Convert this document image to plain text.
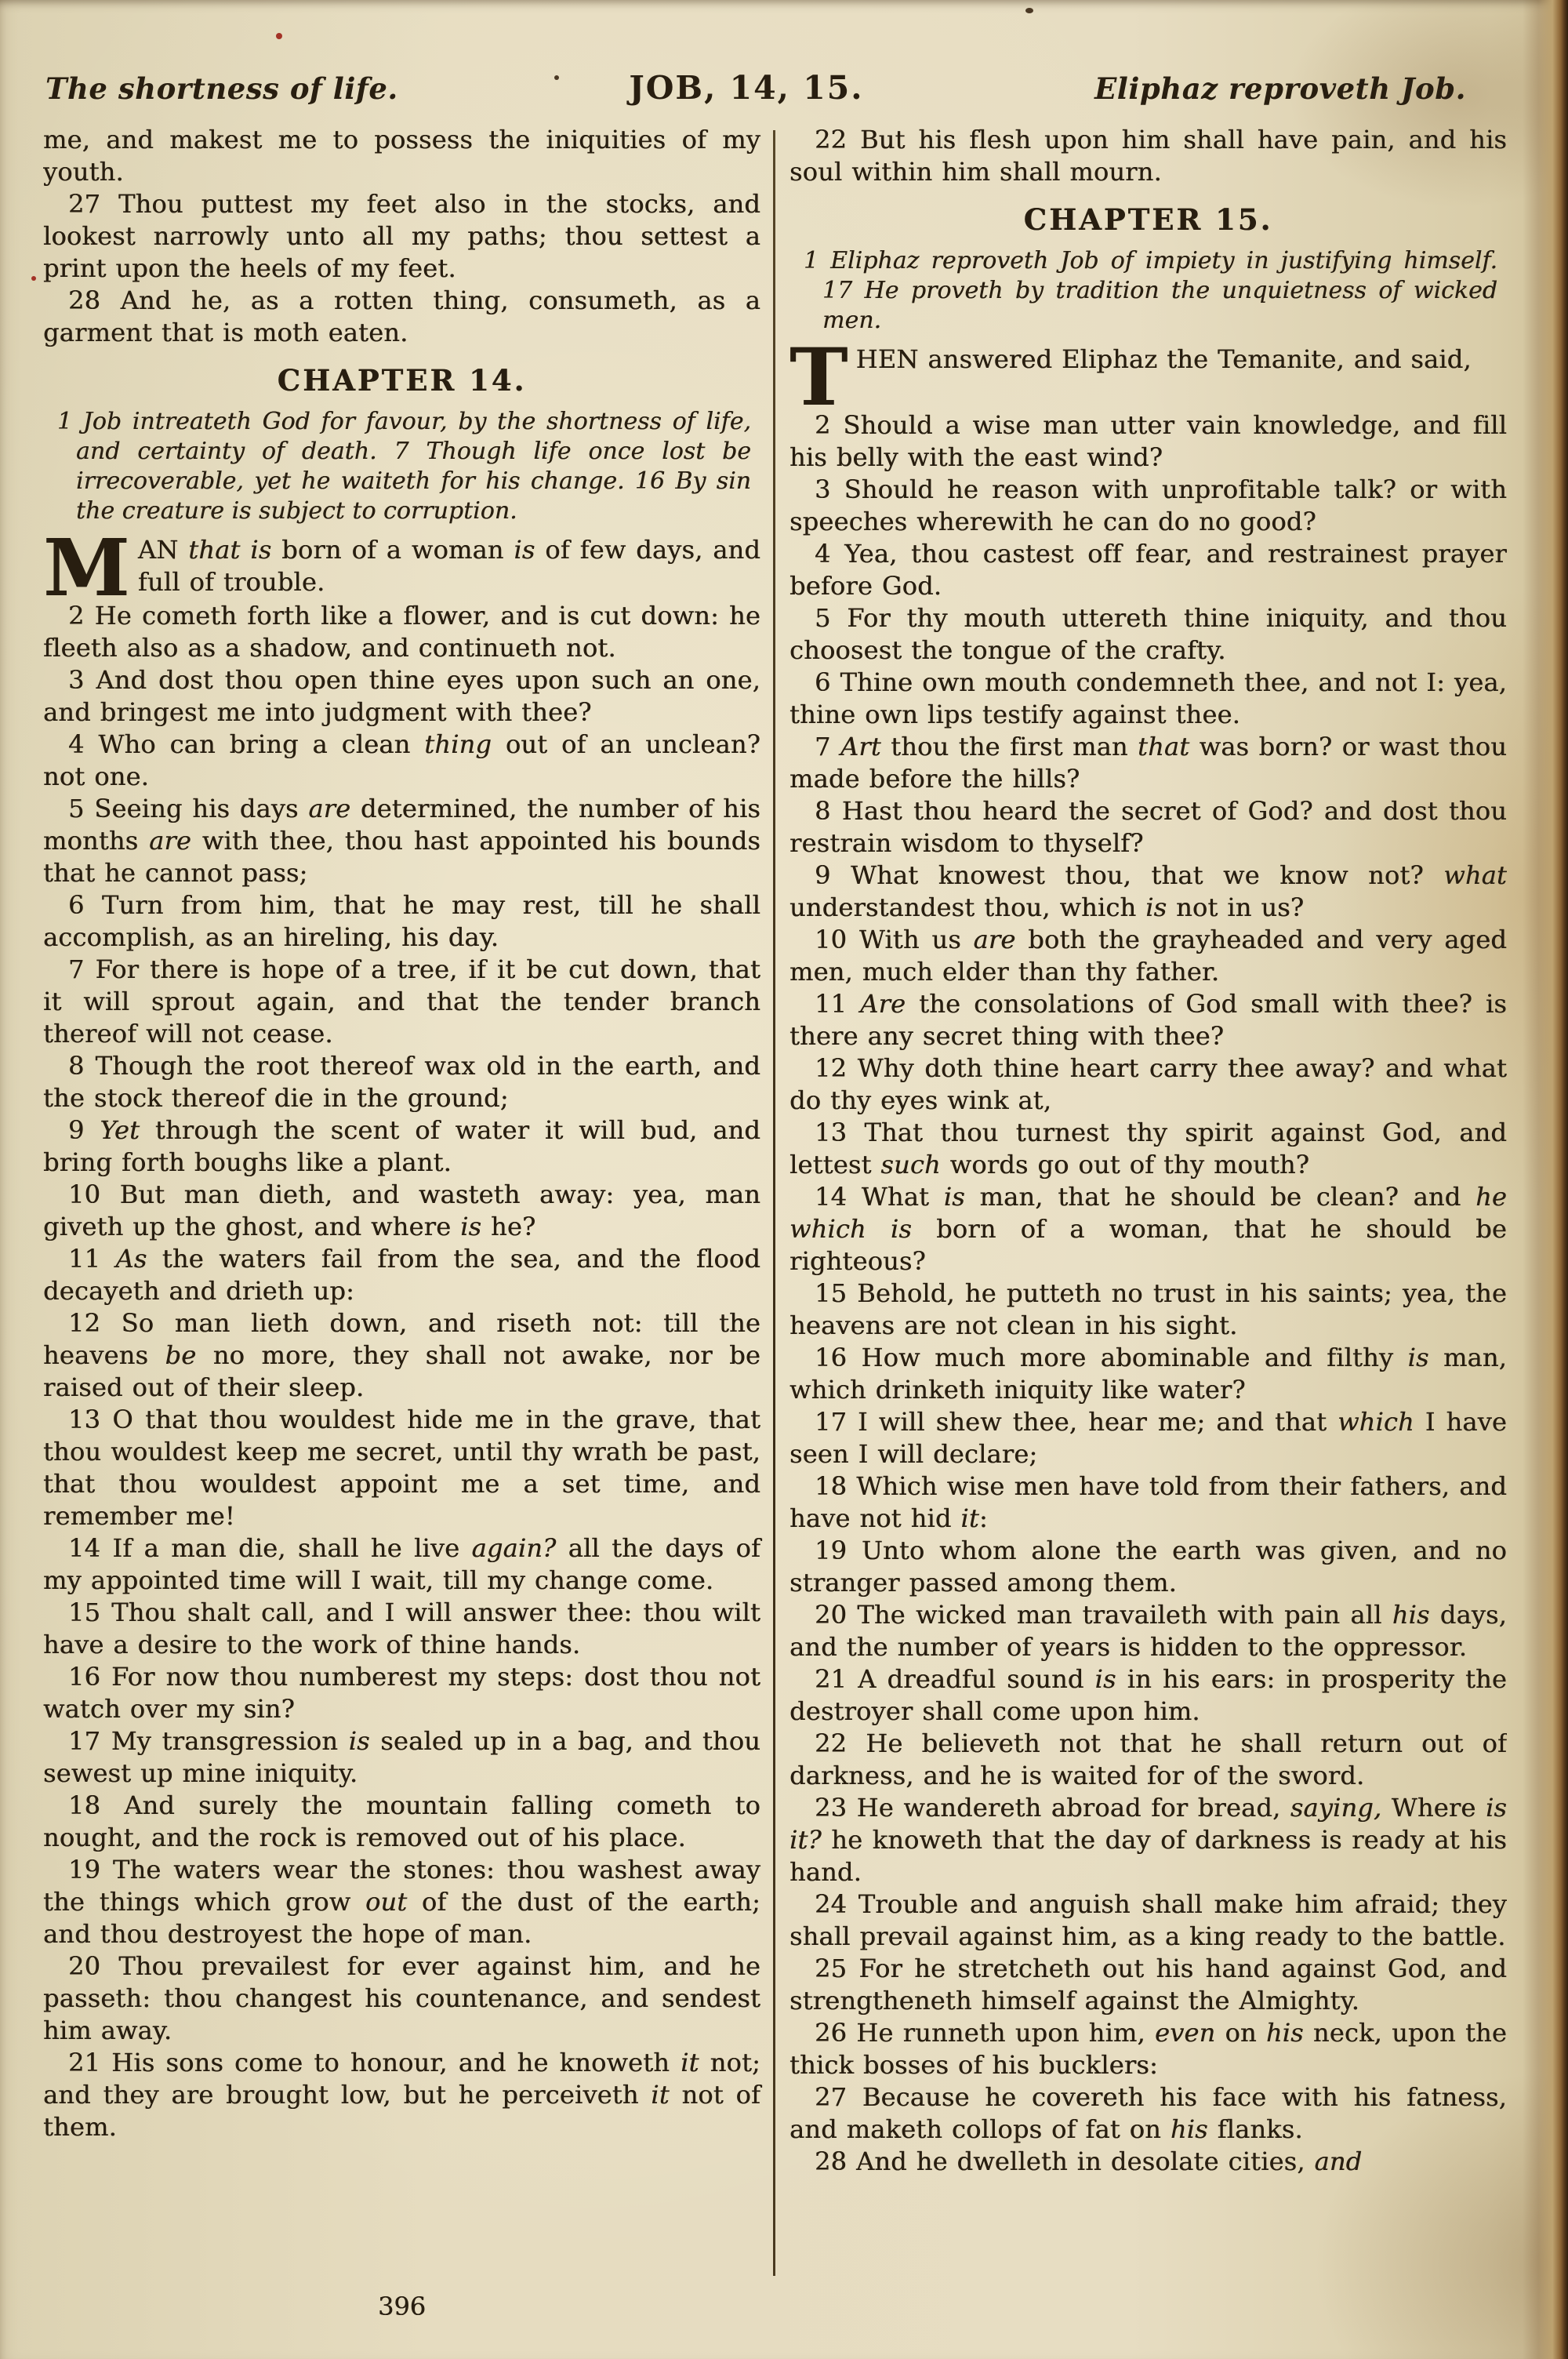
The shortness of life.	JOB, 14, 15.	Eliphaz reproveth Job.

me, and makest me to possess the iniquities of my youth.

27 Thou puttest my feet also in the stocks, and lookest narrowly unto all my paths; thou settest a print upon the heels of my feet.

28 And he, as a rotten thing, consumeth, as a garment that is moth eaten.

CHAPTER 14.

1 Job intreateth God for favour, by the shortness of life, and certainty of death. 7 Though life once lost be irrecoverable, yet he waiteth for his change. 16 By sin the creature is subject to corruption.

MAN that is born of a woman is of few days, and full of trouble.

2 He cometh forth like a flower, and is cut down: he fleeth also as a shadow, and continueth not.

3 And dost thou open thine eyes upon such an one, and bringest me into judgment with thee?

4 Who can bring a clean thing out of an unclean? not one.

5 Seeing his days are determined, the number of his months are with thee, thou hast appointed his bounds that he cannot pass;

6 Turn from him, that he may rest, till he shall accomplish, as an hireling, his day.

7 For there is hope of a tree, if it be cut down, that it will sprout again, and that the tender branch thereof will not cease.

8 Though the root thereof wax old in the earth, and the stock thereof die in the ground;

9 Yet through the scent of water it will bud, and bring forth boughs like a plant.

10 But man dieth, and wasteth away: yea, man giveth up the ghost, and where is he?

11 As the waters fail from the sea, and the flood decayeth and drieth up:

12 So man lieth down, and riseth not: till the heavens be no more, they shall not awake, nor be raised out of their sleep.

13 O that thou wouldest hide me in the grave, that thou wouldest keep me secret, until thy wrath be past, that thou wouldest appoint me a set time, and remember me!

14 If a man die, shall he live again? all the days of my appointed time will I wait, till my change come.

15 Thou shalt call, and I will answer thee: thou wilt have a desire to the work of thine hands.

16 For now thou numberest my steps: dost thou not watch over my sin?

17 My transgression is sealed up in a bag, and thou sewest up mine iniquity.

18 And surely the mountain falling cometh to nought, and the rock is removed out of his place.

19 The waters wear the stones: thou washest away the things which grow out of the dust of the earth; and thou destroyest the hope of man.

20 Thou prevailest for ever against him, and he passeth: thou changest his countenance, and sendest him away.

21 His sons come to honour, and he knoweth it not; and they are brought low, but he perceiveth it not of them.

396

22 But his flesh upon him shall have pain, and his soul within him shall mourn.

CHAPTER 15.

1 Eliphaz reproveth Job of impiety in justifying himself. 17 He proveth by tradition the unquietness of wicked men.

THEN answered Eliphaz the Temanite, and said,

2 Should a wise man utter vain knowledge, and fill his belly with the east wind?

3 Should he reason with unprofitable talk? or with speeches wherewith he can do no good?

4 Yea, thou castest off fear, and restrainest prayer before God.

5 For thy mouth uttereth thine iniquity, and thou choosest the tongue of the crafty.

6 Thine own mouth condemneth thee, and not I: yea, thine own lips testify against thee.

7 Art thou the first man that was born? or wast thou made before the hills?

8 Hast thou heard the secret of God? and dost thou restrain wisdom to thyself?

9 What knowest thou, that we know not? what understandest thou, which is not in us?

10 With us are both the grayheaded and very aged men, much elder than thy father.

11 Are the consolations of God small with thee? is there any secret thing with thee?

12 Why doth thine heart carry thee away? and what do thy eyes wink at,

13 That thou turnest thy spirit against God, and lettest such words go out of thy mouth?

14 What is man, that he should be clean? and he which is born of a woman, that he should be righteous?

15 Behold, he putteth no trust in his saints; yea, the heavens are not clean in his sight.

16 How much more abominable and filthy is man, which drinketh iniquity like water?

17 I will shew thee, hear me; and that which I have seen I will declare;

18 Which wise men have told from their fathers, and have not hid it:

19 Unto whom alone the earth was given, and no stranger passed among them.

20 The wicked man travaileth with pain all his days, and the number of years is hidden to the oppressor.

21 A dreadful sound is in his ears: in prosperity the destroyer shall come upon him.

22 He believeth not that he shall return out of darkness, and he is waited for of the sword.

23 He wandereth abroad for bread, saying, Where is it? he knoweth that the day of darkness is ready at his hand.

24 Trouble and anguish shall make him afraid; they shall prevail against him, as a king ready to the battle.

25 For he stretcheth out his hand against God, and strengtheneth himself against the Almighty.

26 He runneth upon him, even on his neck, upon the thick bosses of his bucklers:

27 Because he covereth his face with his fatness, and maketh collops of fat on his flanks.

28 And he dwelleth in desolate cities, and
